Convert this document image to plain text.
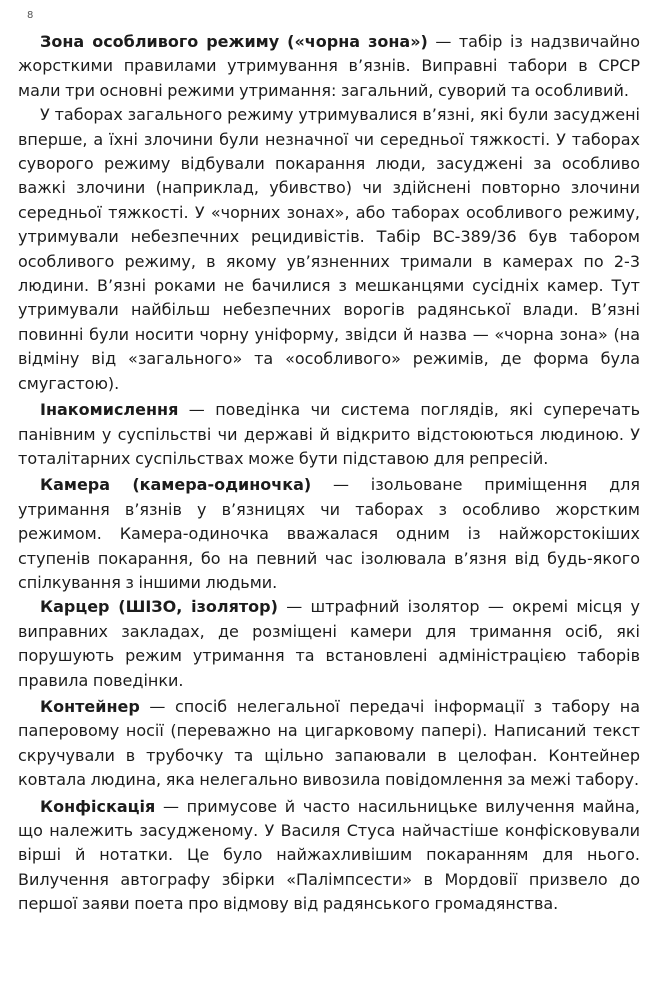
8

Зона особливого режиму («чорна зона») — табір із надзвичайно жорсткими правилами утримування в’язнів. Виправні табори в СРСР мали три основні режими утримання: загальний, суворий та особливий.

У таборах загального режиму утримувалися в’язні, які були засуджені вперше, а їхні злочини були незначної чи середньої тяжкості. У таборах суворого режиму відбували покарання люди, засуджені за особливо важкі злочини (наприклад, убивство) чи здійснені повторно злочини середньої тяжкості. У «чорних зонах», або таборах особливого режиму, утримували небезпечних рецидивістів. Табір ВС-389/36 був табором особливого режиму, в якому ув’язненних тримали в камерах по 2-3 людини. В’язні роками не бачилися з мешканцями сусідніх камер. Тут утримували найбільш небезпечних ворогів радянської влади. В’язні повинні були носити чорну уніформу, звідси й назва — «чорна зона» (на відміну від «загального» та «особливого» режимів, де форма була смугастою).

Інакомислення — поведінка чи система поглядів, які суперечать панівним у суспільстві чи державі й відкрито відстоюються людиною. У тоталітарних суспільствах може бути підставою для репресій.

Камера (камера-одиночка) — ізольоване приміщення для утримання в’язнів у в’язницях чи таборах з особливо жорстким режимом. Камера-одиночка вважалася одним із найжорстокіших ступенів покарання, бо на певний час ізолювала в’язня від будь-якого спілкування з іншими людьми.

Карцер (ШІЗО, ізолятор) — штрафний ізолятор — окремі місця у виправних закладах, де розміщені камери для тримання осіб, які порушують режим утримання та встановлені адміністрацією таборів правила поведінки.

Контейнер — спосіб нелегальної передачі інформації з табору на паперовому носії (переважно на цигарковому папері). Написаний текст скручували в трубочку та щільно запаювали в целофан. Контейнер ковтала людина, яка нелегально вивозила повідомлення за межі табору.

Конфіскація — примусове й часто насильницьке вилучення майна, що належить засудженому. У Василя Стуса найчастіше конфісковували вірші й нотатки. Це було найжахливішим покаранням для нього. Вилучення автографу збірки «Палімпсести» в Мордовії призвело до першої заяви поета про відмову від радянського громадянства.
